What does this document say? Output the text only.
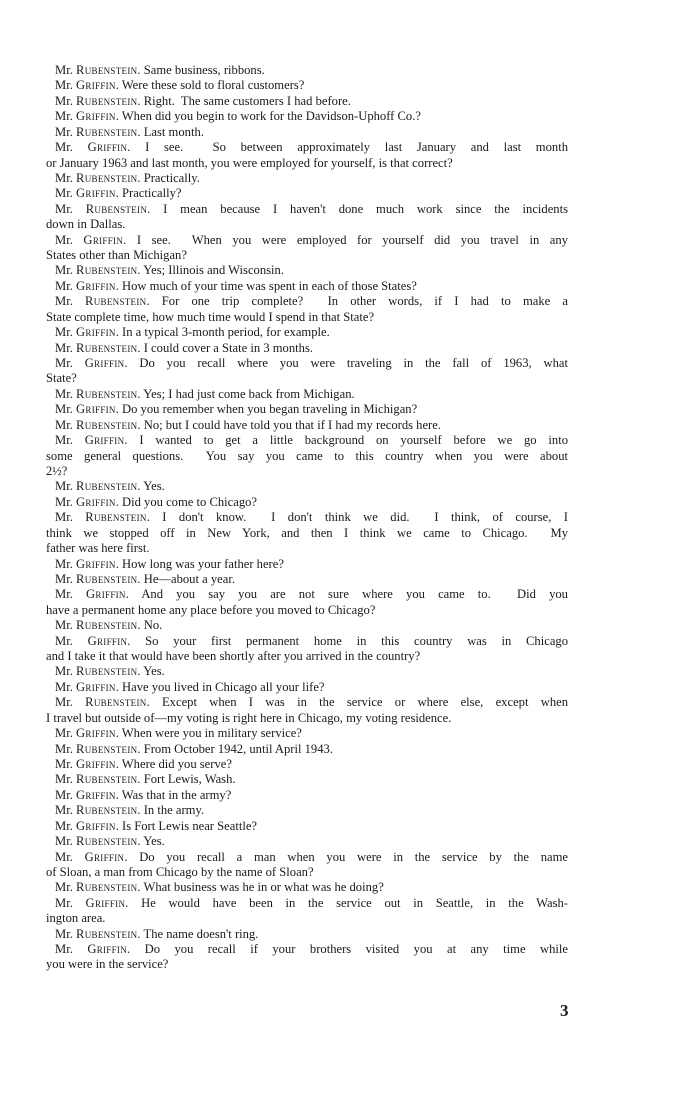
Mr. Rubenstein. Same business, ribbons.
Mr. Griffin. Were these sold to floral customers?
Mr. Rubenstein. Right.  The same customers I had before.
Mr. Griffin. When did you begin to work for the Davidson-Uphoff Co.?
Mr. Rubenstein. Last month.
Mr. Griffin. I see.  So between approximately last January and last month
or January 1963 and last month, you were employed for yourself, is that correct?
Mr. Rubenstein. Practically.
Mr. Griffin. Practically?
Mr. Rubenstein. I mean because I haven't done much work since the incidents
down in Dallas.
Mr. Griffin. I see.  When you were employed for yourself did you travel in any
States other than Michigan?
Mr. Rubenstein. Yes; Illinois and Wisconsin.
Mr. Griffin. How much of your time was spent in each of those States?
Mr. Rubenstein. For one trip complete?  In other words, if I had to make a
State complete time, how much time would I spend in that State?
Mr. Griffin. In a typical 3-month period, for example.
Mr. Rubenstein. I could cover a State in 3 months.
Mr. Griffin. Do you recall where you were traveling in the fall of 1963, what
State?
Mr. Rubenstein. Yes; I had just come back from Michigan.
Mr. Griffin. Do you remember when you began traveling in Michigan?
Mr. Rubenstein. No; but I could have told you that if I had my records here.
Mr. Griffin. I wanted to get a little background on yourself before we go into
some general questions.  You say you came to this country when you were about
2½?
Mr. Rubenstein. Yes.
Mr. Griffin. Did you come to Chicago?
Mr. Rubenstein. I don't know.  I don't think we did.  I think, of course, I
think we stopped off in New York, and then I think we came to Chicago.  My
father was here first.
Mr. Griffin. How long was your father here?
Mr. Rubenstein. He—about a year.
Mr. Griffin. And you say you are not sure where you came to.  Did you
have a permanent home any place before you moved to Chicago?
Mr. Rubenstein. No.
Mr. Griffin. So your first permanent home in this country was in Chicago
and I take it that would have been shortly after you arrived in the country?
Mr. Rubenstein. Yes.
Mr. Griffin. Have you lived in Chicago all your life?
Mr. Rubenstein. Except when I was in the service or where else, except when
I travel but outside of—my voting is right here in Chicago, my voting residence.
Mr. Griffin. When were you in military service?
Mr. Rubenstein. From October 1942, until April 1943.
Mr. Griffin. Where did you serve?
Mr. Rubenstein. Fort Lewis, Wash.
Mr. Griffin. Was that in the army?
Mr. Rubenstein. In the army.
Mr. Griffin. Is Fort Lewis near Seattle?
Mr. Rubenstein. Yes.
Mr. Griffin. Do you recall a man when you were in the service by the name
of Sloan, a man from Chicago by the name of Sloan?
Mr. Rubenstein. What business was he in or what was he doing?
Mr. Griffin. He would have been in the service out in Seattle, in the Wash-
ington area.
Mr. Rubenstein. The name doesn't ring.
Mr. Griffin. Do you recall if your brothers visited you at any time while
you were in the service?
3
